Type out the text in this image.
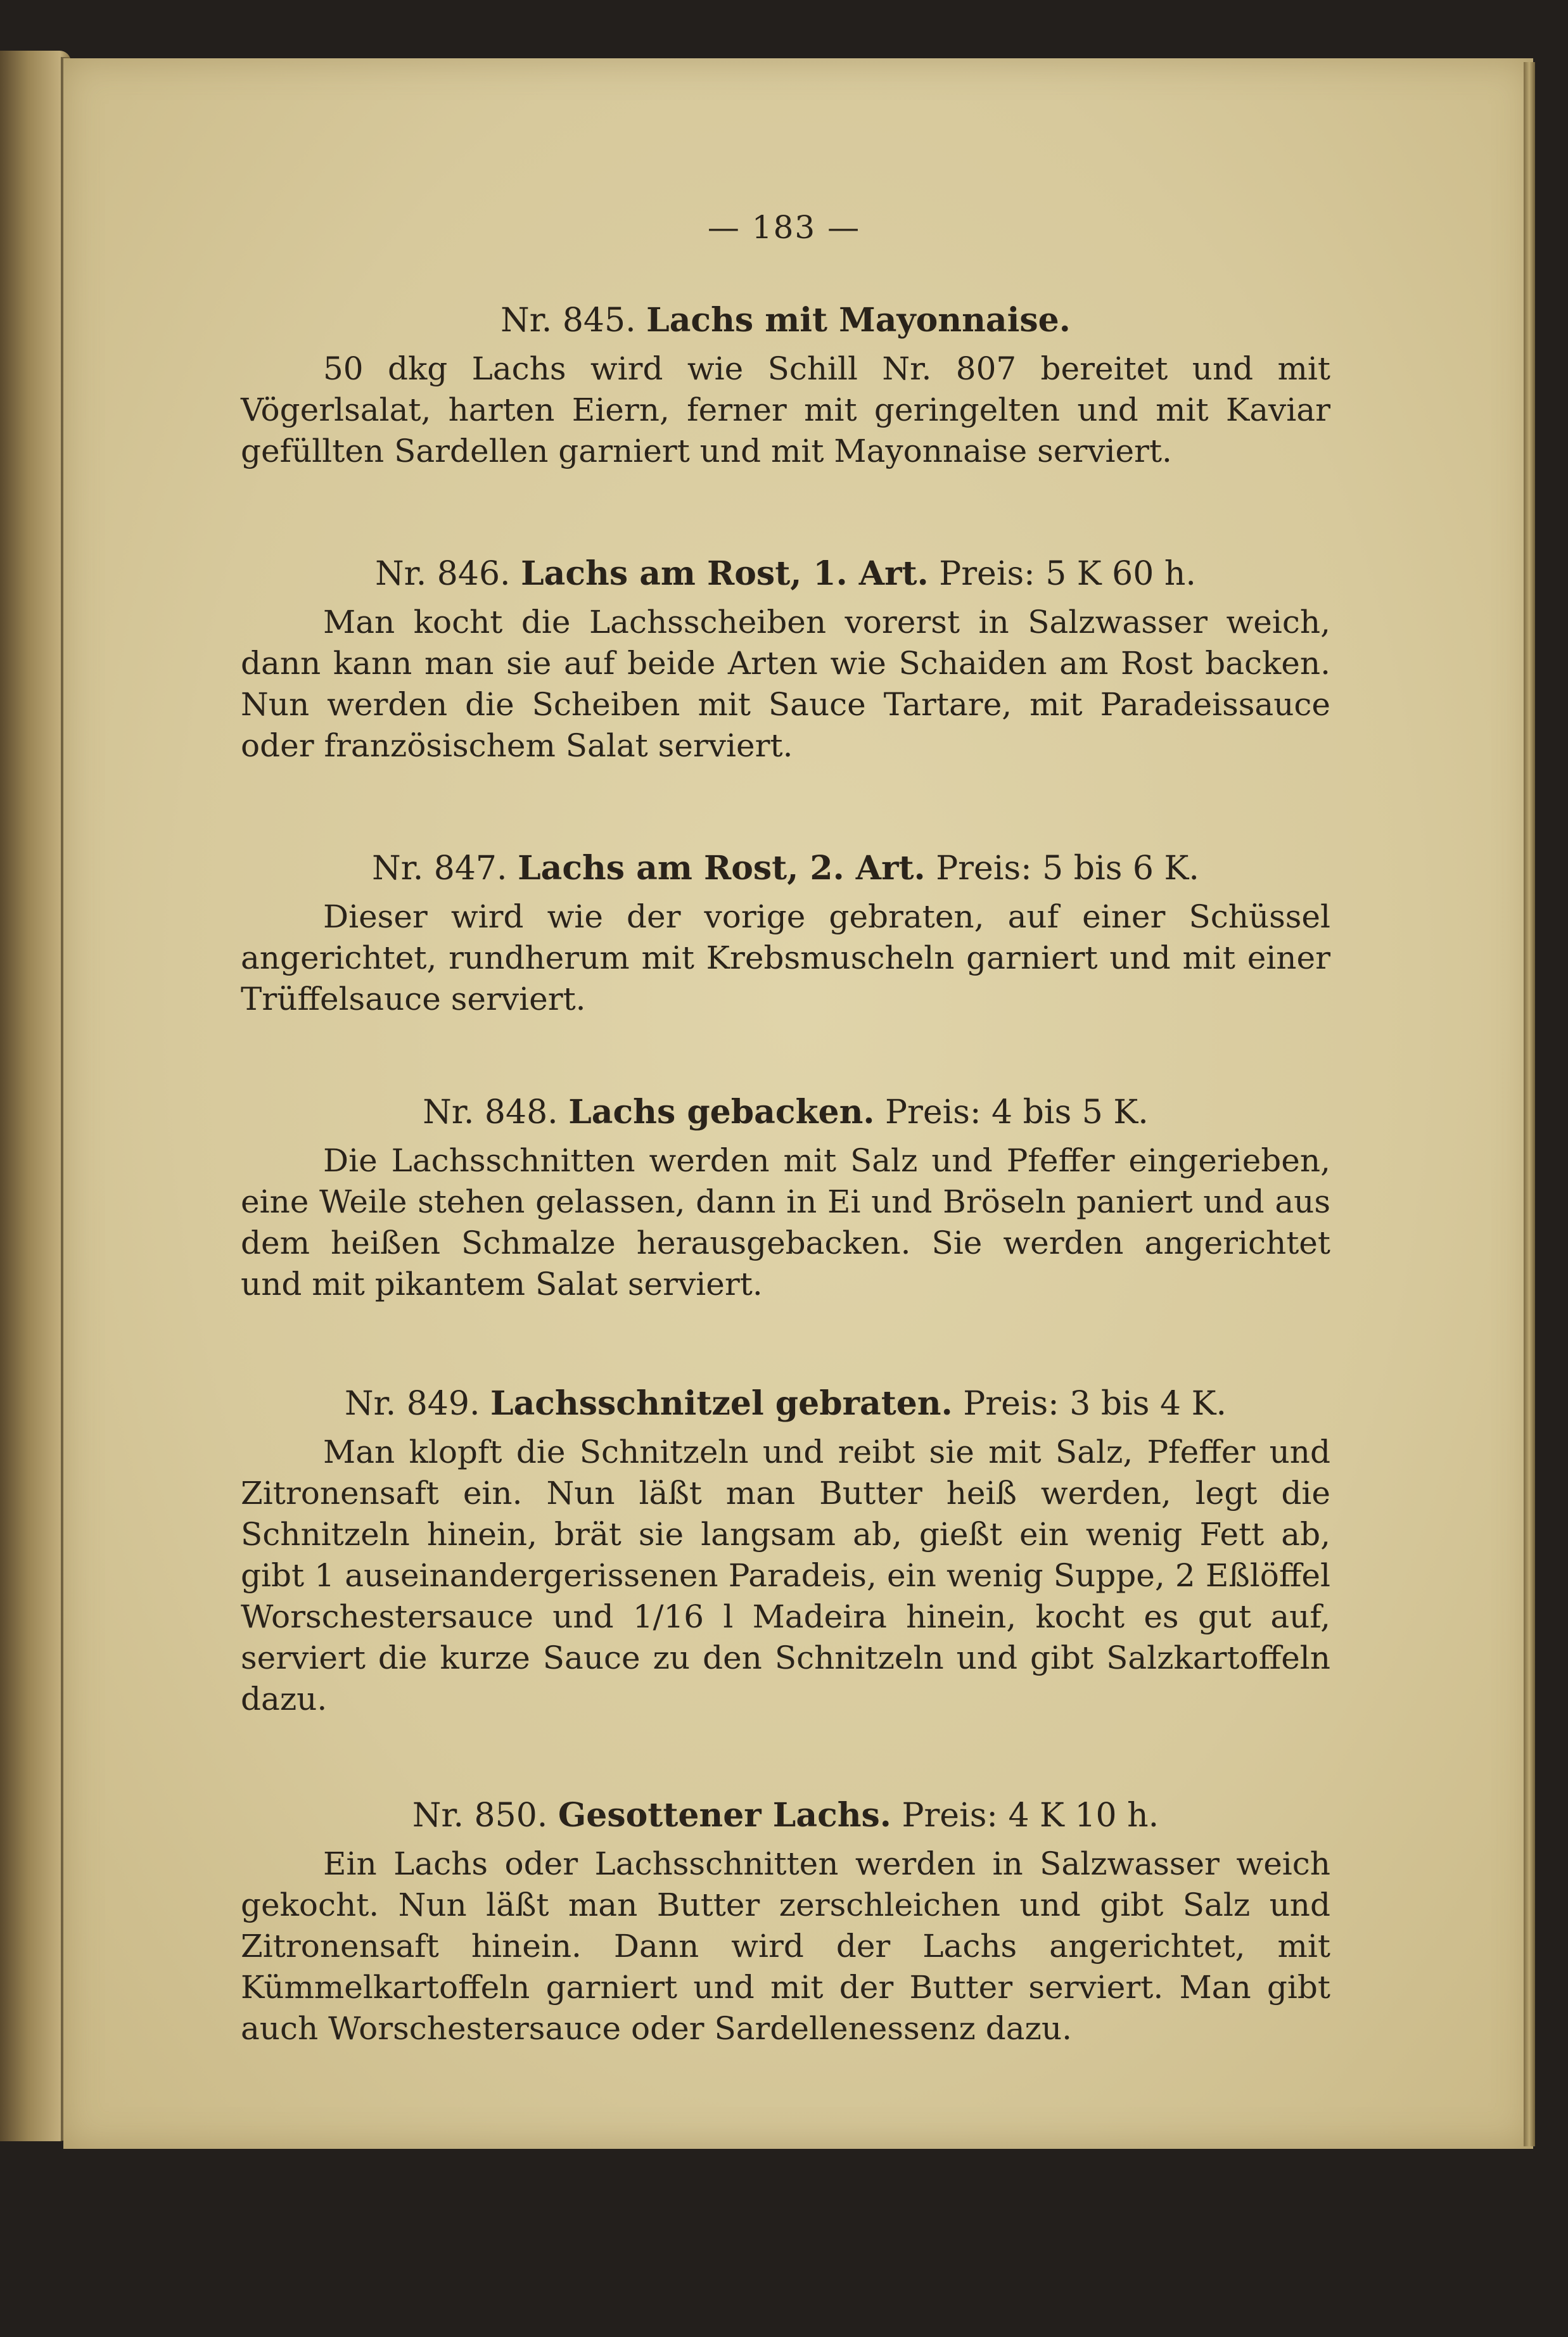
— 183 —
Nr. 845. Lachs mit Mayonnaise.

50 dkg Lachs wird wie Schill Nr. 807 bereitet und mit Vögerlsalat, harten Eiern, ferner mit geringelten und mit Kaviar gefüllten Sardellen garniert und mit Mayonnaise serviert.

Nr. 846. Lachs am Rost, 1. Art. Preis: 5 K 60 h.

Man kocht die Lachsscheiben vorerst in Salzwasser weich, dann kann man sie auf beide Arten wie Schaiden am Rost backen. Nun werden die Scheiben mit Sauce Tartare, mit Paradeissauce oder französischem Salat serviert.

Nr. 847. Lachs am Rost, 2. Art. Preis: 5 bis 6 K.

Dieser wird wie der vorige gebraten, auf einer Schüssel angerichtet, rundherum mit Krebsmuscheln garniert und mit einer Trüffelsauce serviert.

Nr. 848. Lachs gebacken. Preis: 4 bis 5 K.

Die Lachsschnitten werden mit Salz und Pfeffer eingerieben, eine Weile stehen gelassen, dann in Ei und Bröseln paniert und aus dem heißen Schmalze herausgebacken. Sie werden angerichtet und mit pikantem Salat serviert.

Nr. 849. Lachsschnitzel gebraten. Preis: 3 bis 4 K.

Man klopft die Schnitzeln und reibt sie mit Salz, Pfeffer und Zitronensaft ein. Nun läßt man Butter heiß werden, legt die Schnitzeln hinein, brät sie langsam ab, gießt ein wenig Fett ab, gibt 1 auseinandergerissenen Paradeis, ein wenig Suppe, 2 Eßlöffel Worschestersauce und 1/16 l Madeira hinein, kocht es gut auf, serviert die kurze Sauce zu den Schnitzeln und gibt Salzkartoffeln dazu.

Nr. 850. Gesottener Lachs. Preis: 4 K 10 h.

Ein Lachs oder Lachsschnitten werden in Salzwasser weich gekocht. Nun läßt man Butter zerschleichen und gibt Salz und Zitronensaft hinein. Dann wird der Lachs angerichtet, mit Kümmelkartoffeln garniert und mit der Butter serviert. Man gibt auch Worschestersauce oder Sardellenessenz dazu.
